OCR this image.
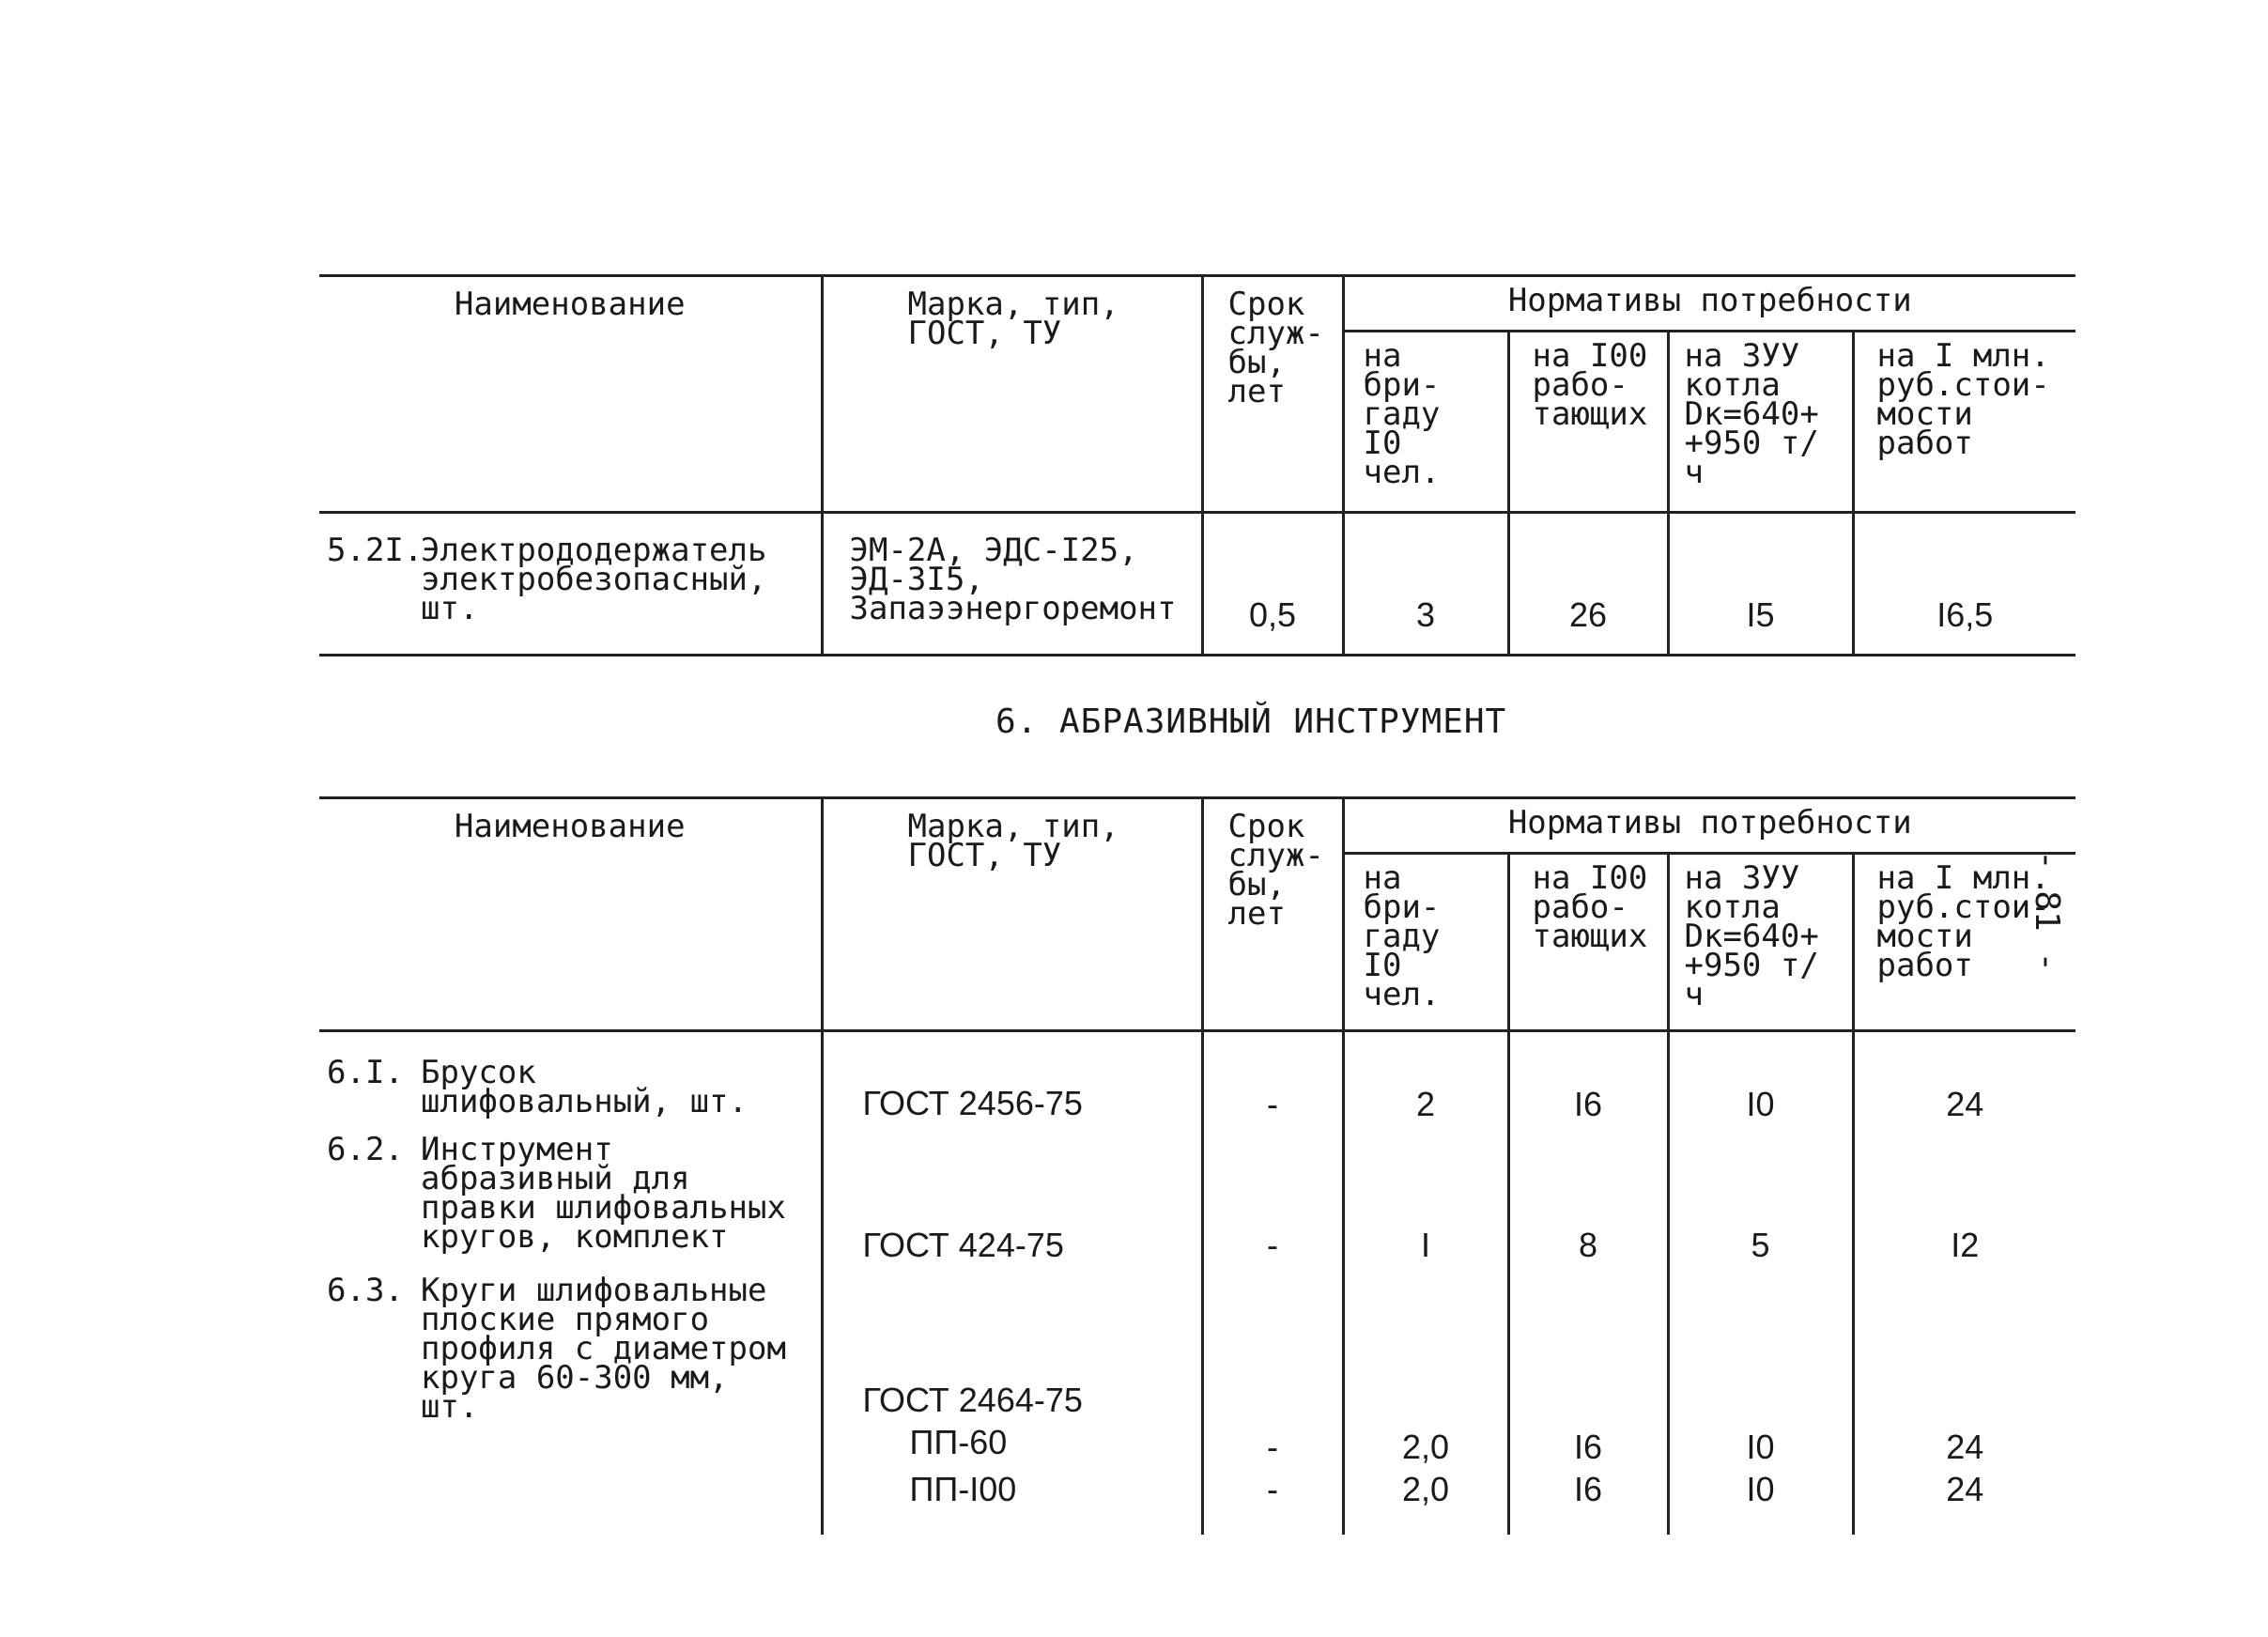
Наименование	Марка, тип, ГОСТ, ТУ	Срок служ- бы, лет	Нормативы потребности			

			на бри- гаду I0 чел.	на I00 рабо- тающих	на ЗУУ котла Dк=640+ +950 т/ч	на I млн. руб.стои- мости работ

5.2I.Электрододержатель электробезопасный, шт.	ЭМ-2А, ЭДС-I25, ЭД-3I5, Запаээнергоремонт	0,5	3	26	I5	I6,5
6. АБРАЗИВНЫЙ ИНСТРУМЕНТ
- 81 -
Наименование	Марка, тип, ГОСТ, ТУ	Срок служ- бы, лет	Нормативы потребности			

			на бри- гаду I0 чел.	на I00 рабо- тающих	на ЗУУ котла Dк=640+ +950 т/ч	на I млн. руб.стои- мости работ

6.I. Брусок шлифовальный, шт.	ГОСТ 2456-75	-	2	I6	I0	24
6.2. Инструмент абразивный для правки шлифовальных кругов, комплект	ГОСТ 424-75	-	I	8	5	I2
6.3. Круги шлифовальные плоские прямого профиля с диаметром круга 60-300 мм, шт.	ГОСТ 2464-75					
	ПП-60	-	2,0	I6	I0	24
	ПП-I00	-	2,0	I6	I0	24
